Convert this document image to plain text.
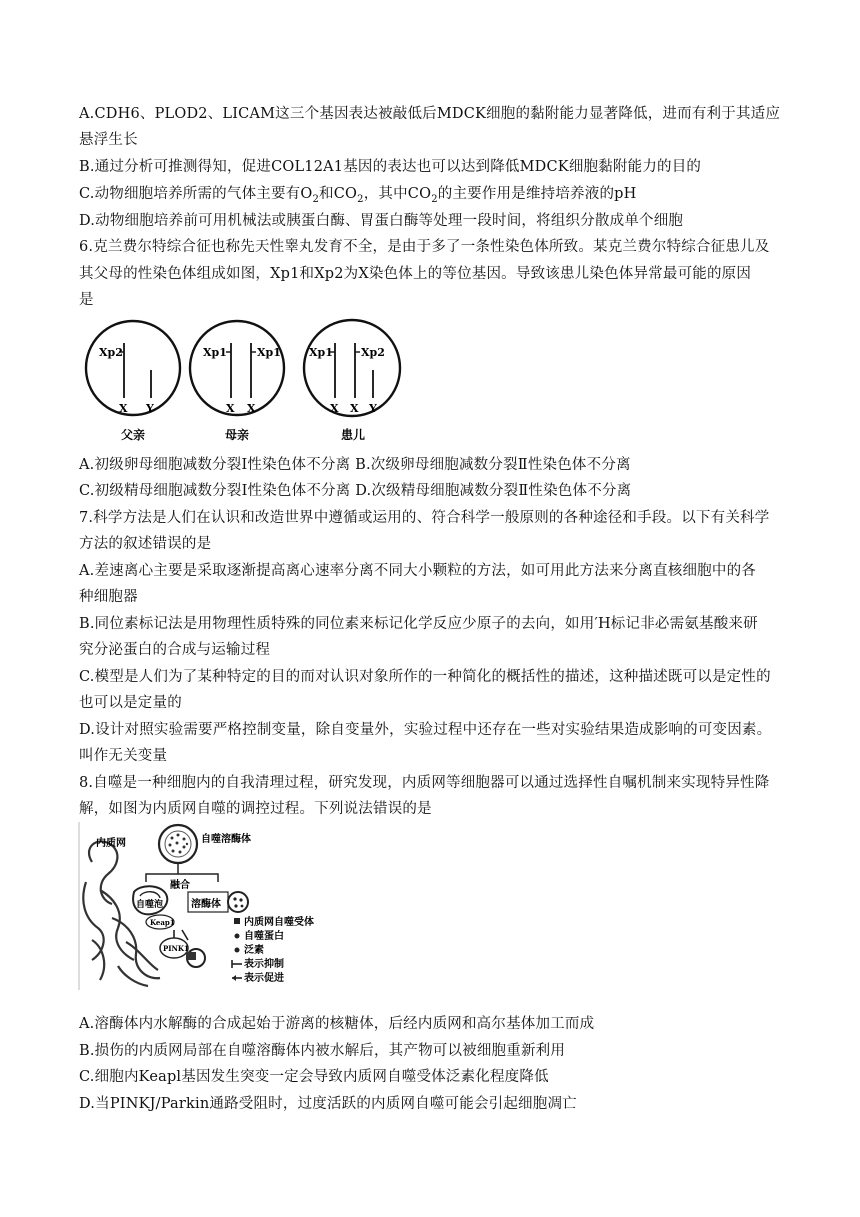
A.CDH6、PLOD2、LICAM这三个基因表达被敲低后MDCK细胞的黏附能力显著降低，进而有利于其适应
悬浮生长
B.通过分析可推测得知，促进COL12A1基因的表达也可以达到降低MDCK细胞黏附能力的目的
C.动物细胞培养所需的气体主要有$O_2$和$CO_2$，其中$CO_2$的主要作用是维持培养液的pH
D.动物细胞培养前可用机械法或胰蛋白酶、胃蛋白酶等处理一段时间，将组织分散成单个细胞
6.克兰费尔特综合征也称先天性睾丸发育不全，是由于多了一条性染色体所致。某克兰费尔特综合征患儿及
其父母的性染色体组成如图，Xp1和Xp2为X染色体上的等位基因。导致该患儿染色体异常最可能的原因
是
Xp2
X Y
父亲
Xp1	Xp1
X X
母亲
Xp1	Xp2
X X Y
患儿
A.初级卵母细胞减数分裂Ⅰ性染色体不分离 B.次级卵母细胞减数分裂Ⅱ性染色体不分离
C.初级精母细胞减数分裂Ⅰ性染色体不分离 D.次级精母细胞减数分裂Ⅱ性染色体不分离
7.科学方法是人们在认识和改造世界中遵循或运用的、符合科学一般原则的各种途径和手段。以下有关科学
方法的叙述错误的是
A.差速离心主要是采取逐渐提高离心速率分离不同大小颗粒的方法，如可用此方法来分离直核细胞中的各
种细胞器
B.同位素标记法是用物理性质特殊的同位素来标记化学反应少原子的去向，如用′H标记非必需氨基酸来研
究分泌蛋白的合成与运输过程
C.模型是人们为了某种特定的目的而对认识对象所作的一种简化的概括性的描述，这种描述既可以是定性的
也可以是定量的
D.设计对照实验需要严格控制变量，除自变量外，实验过程中还存在一些对实验结果造成影响的可变因素。
叫作无关变量
8.自噬是一种细胞内的自我清理过程，研究发现，内质网等细胞器可以通过选择性自嘱机制来实现特异性降
解，如图为内质网自噬的调控过程。下列说法错误的是
内质网	自噬溶酶体
融合
自噬泡	溶酶体
Keap1
PINK1
内质网自噬受体
自噬蛋白
泛素
表示抑制
表示促进
A.溶酶体内水解酶的合成起始于游离的核糖体，后经内质网和高尔基体加工而成
B.损伤的内质网局部在自噬溶酶体内被水解后，其产物可以被细胞重新利用
C.细胞内Keapl基因发生突变一定会导致内质网自噬受体泛素化程度降低
D.当PINKJ/Parkin通路受阻时，过度活跃的内质网自噬可能会引起细胞凋亡
